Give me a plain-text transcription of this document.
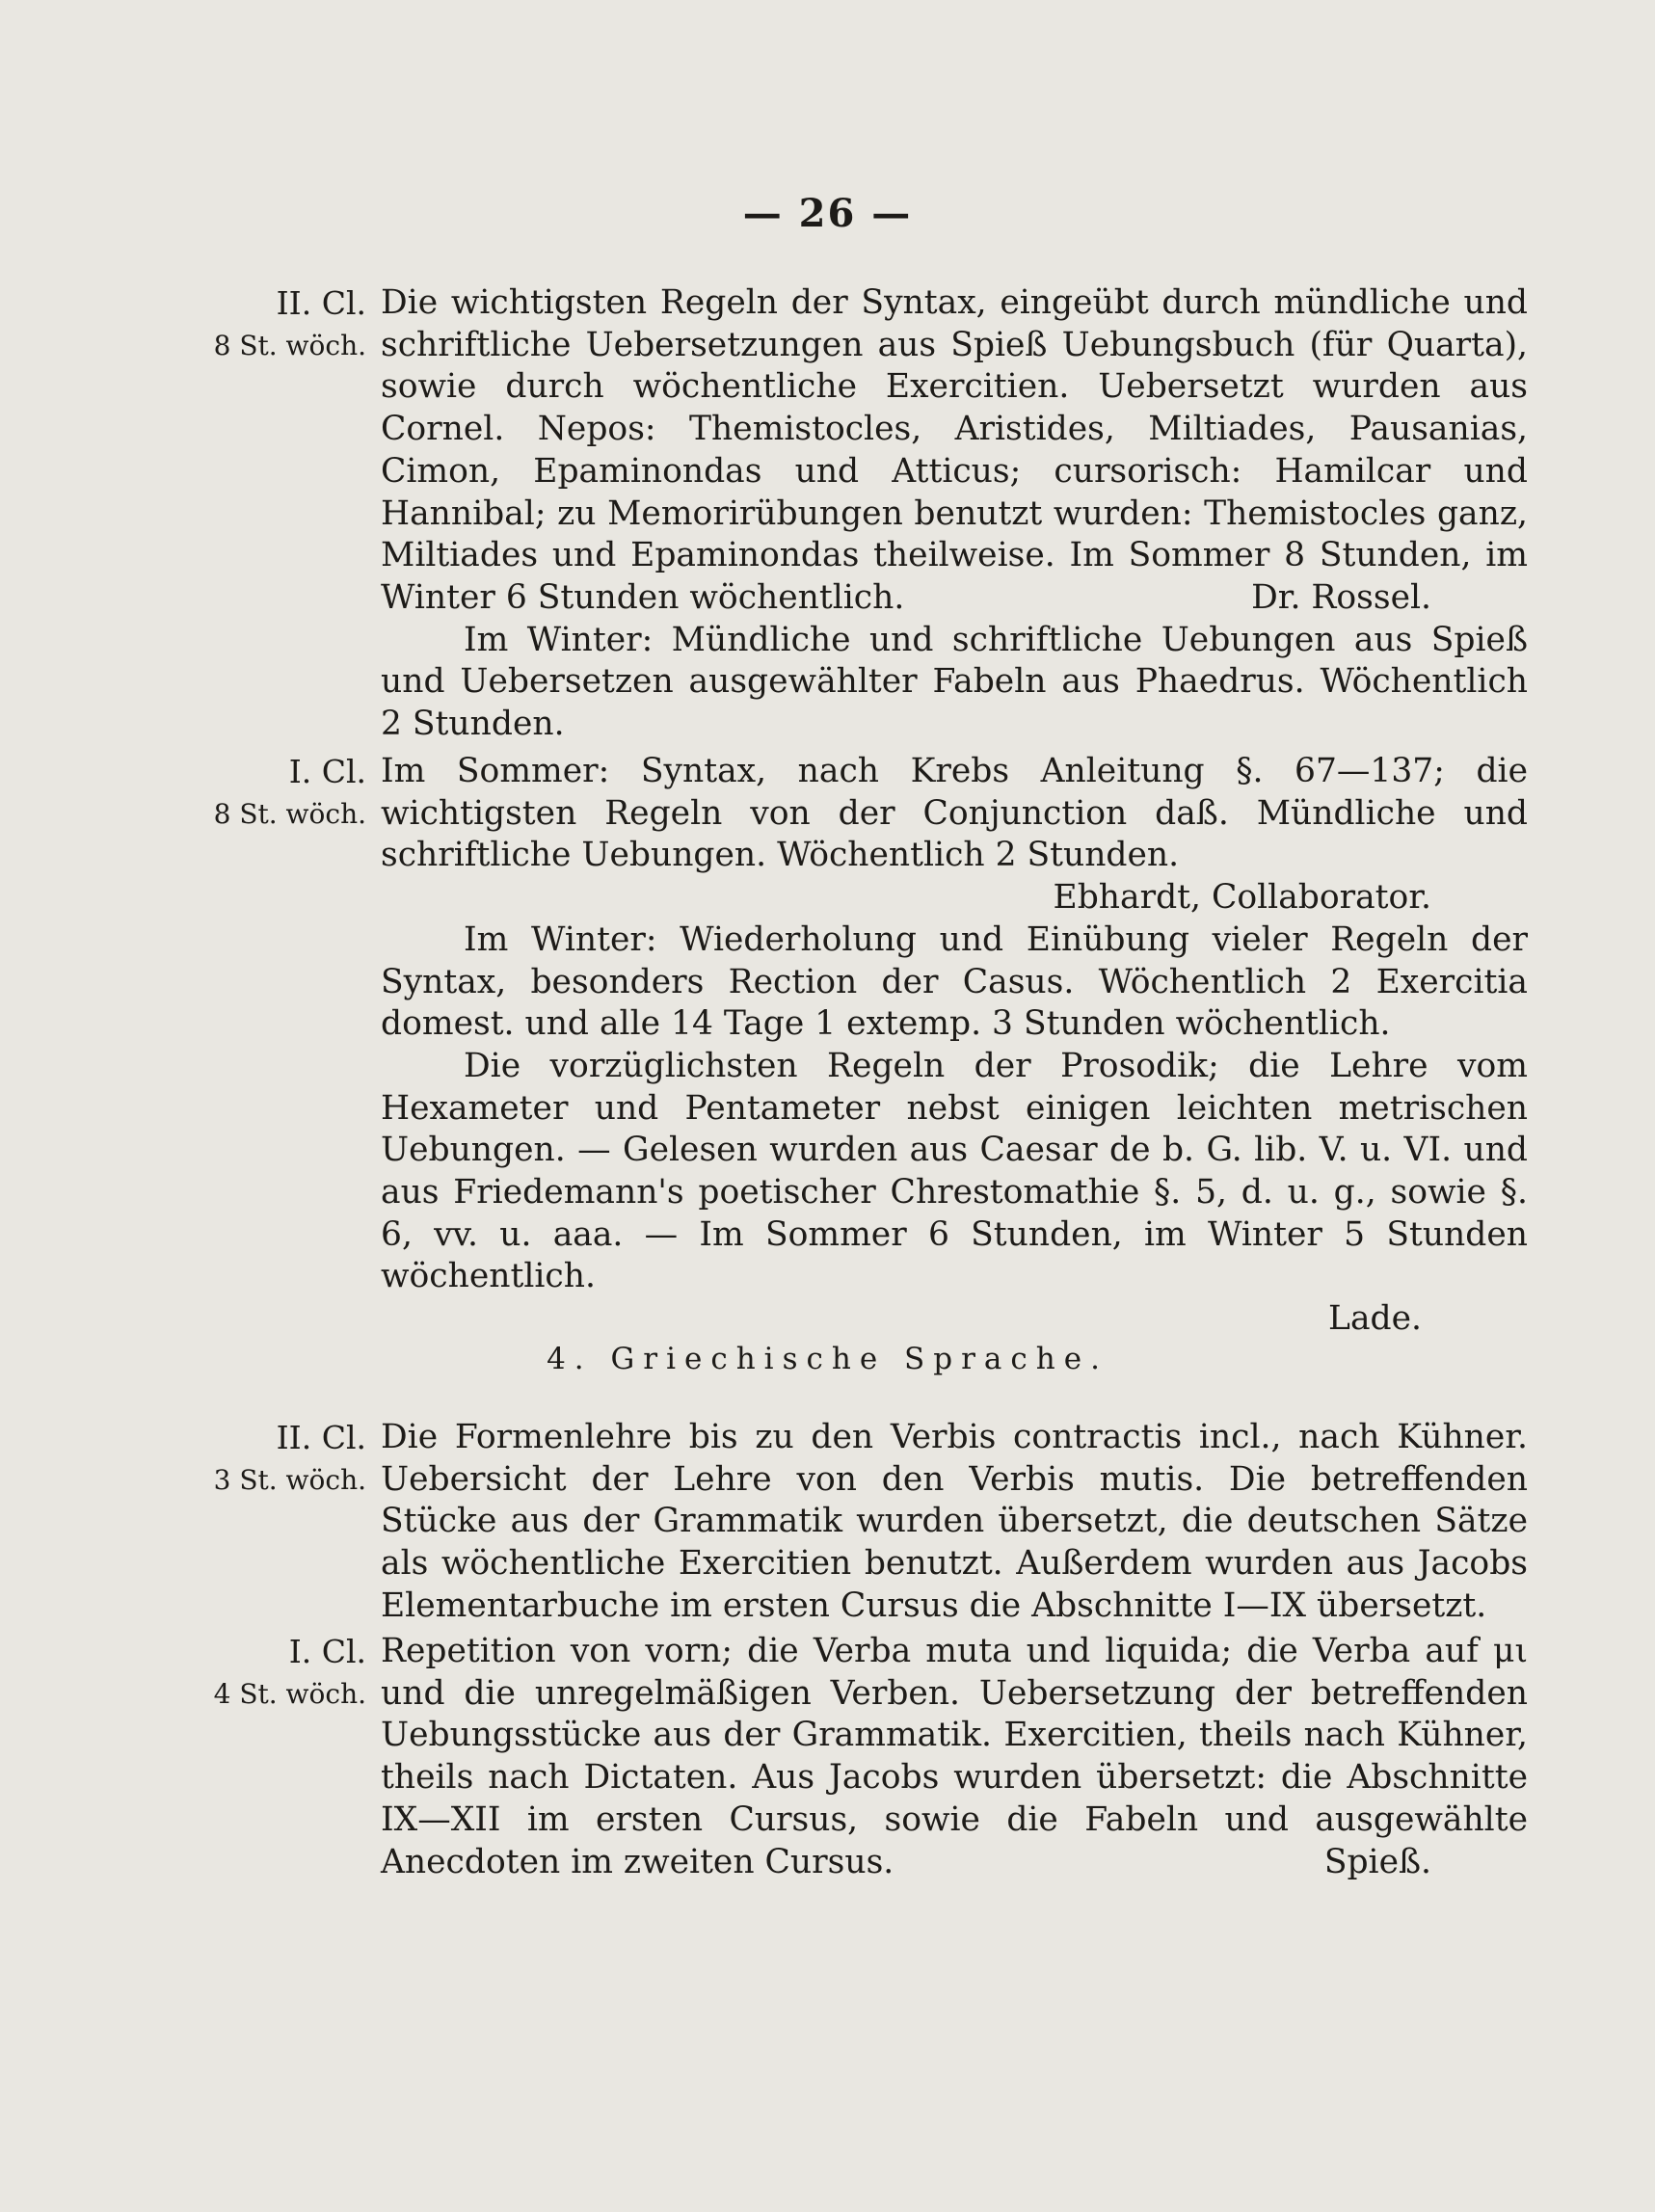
— 26 —
II. Cl.
8 St. wöch.

Die wichtigsten Regeln der Syntax, eingeübt durch mündliche und schriftliche Uebersetzungen aus Spieß Uebungsbuch (für Quarta), sowie durch wöchentliche Exercitien. Uebersetzt wurden aus Cornel. Nepos: Themistocles, Aristides, Miltiades, Pausanias, Cimon, Epaminondas und Atticus; cursorisch: Hamilcar und Hannibal; zu Memorirübungen benutzt wurden: Themistocles ganz, Miltiades und Epaminondas theilweise. Im Sommer 8 Stunden, im Winter 6 Stunden wöchentlich.	Dr. Rossel.

Im Winter: Mündliche und schriftliche Uebungen aus Spieß und Uebersetzen ausgewählter Fabeln aus Phaedrus. Wöchentlich 2 Stunden.

I. Cl.
8 St. wöch.

Im Sommer: Syntax, nach Krebs Anleitung §. 67—137; die wichtigsten Regeln von der Conjunction daß. Mündliche und schriftliche Uebungen. Wöchentlich 2 Stunden.

Ebhardt, Collaborator.

Im Winter: Wiederholung und Einübung vieler Regeln der Syntax, besonders Rection der Casus. Wöchentlich 2 Exercitia domest. und alle 14 Tage 1 extemp. 3 Stunden wöchentlich.

Die vorzüglichsten Regeln der Prosodik; die Lehre vom Hexameter und Pentameter nebst einigen leichten metrischen Uebungen. — Gelesen wurden aus Caesar de b. G. lib. V. u. VI. und aus Friedemann's poetischer Chrestomathie §. 5, d. u. g., sowie §. 6, vv. u. aaa. — Im Sommer 6 Stunden, im Winter 5 Stunden wöchentlich.

Lade.

4. Griechische Sprache.
II. Cl.
3 St. wöch.

Die Formenlehre bis zu den Verbis contractis incl., nach Kühner. Uebersicht der Lehre von den Verbis mutis. Die betreffenden Stücke aus der Grammatik wurden übersetzt, die deutschen Sätze als wöchentliche Exercitien benutzt. Außerdem wurden aus Jacobs Elementarbuche im ersten Cursus die Abschnitte I—IX übersetzt.

I. Cl.
4 St. wöch.

Repetition von vorn; die Verba muta und liquida; die Verba auf μι und die unregelmäßigen Verben. Uebersetzung der betreffenden Uebungsstücke aus der Grammatik. Exercitien, theils nach Kühner, theils nach Dictaten. Aus Jacobs wurden übersetzt: die Abschnitte IX—XII im ersten Cursus, sowie die Fabeln und ausgewählte Anecdoten im zweiten Cursus.	Spieß.
